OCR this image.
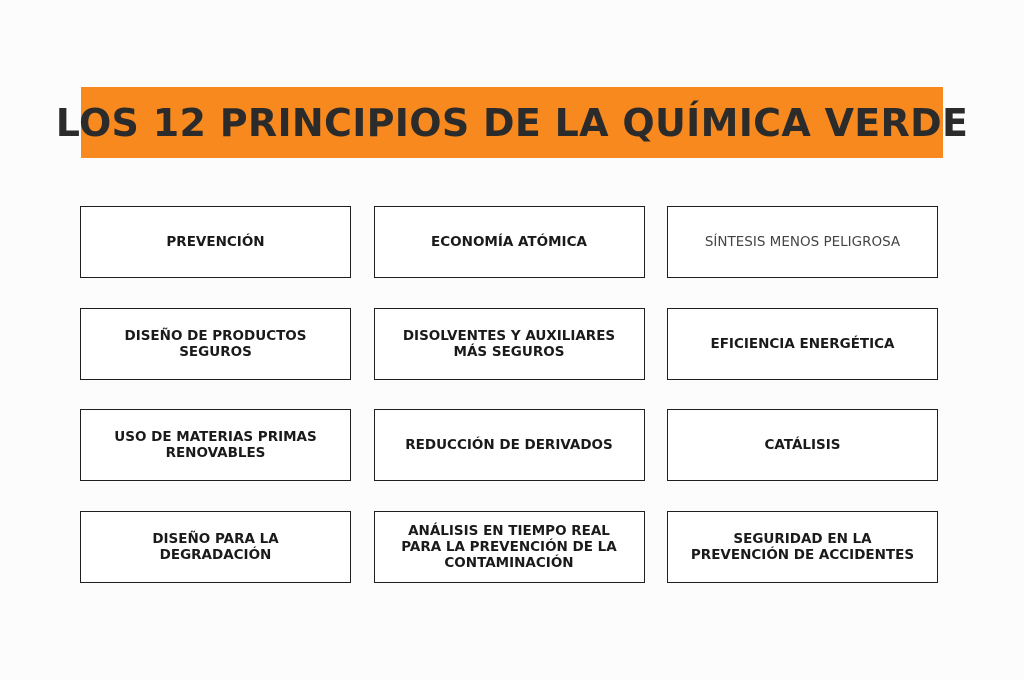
LOS 12 PRINCIPIOS DE LA QUÍMICA VERDE
PREVENCIÓN	ECONOMÍA ATÓMICA	SÍNTESIS MENOS PELIGROSA
DISEÑO DE PRODUCTOS SEGUROS
DISOLVENTES Y AUXILIARES MÁS SEGUROS	EFICIENCIA ENERGÉTICA
USO DE MATERIAS PRIMAS RENOVABLES	REDUCCIÓN DE DERIVADOS	CATÁLISIS
DISEÑO PARA LA DEGRADACIÓN
ANÁLISIS EN TIEMPO REAL PARA LA PREVENCIÓN DE LA CONTAMINACIÓN
SEGURIDAD EN LA PREVENCIÓN DE ACCIDENTES
